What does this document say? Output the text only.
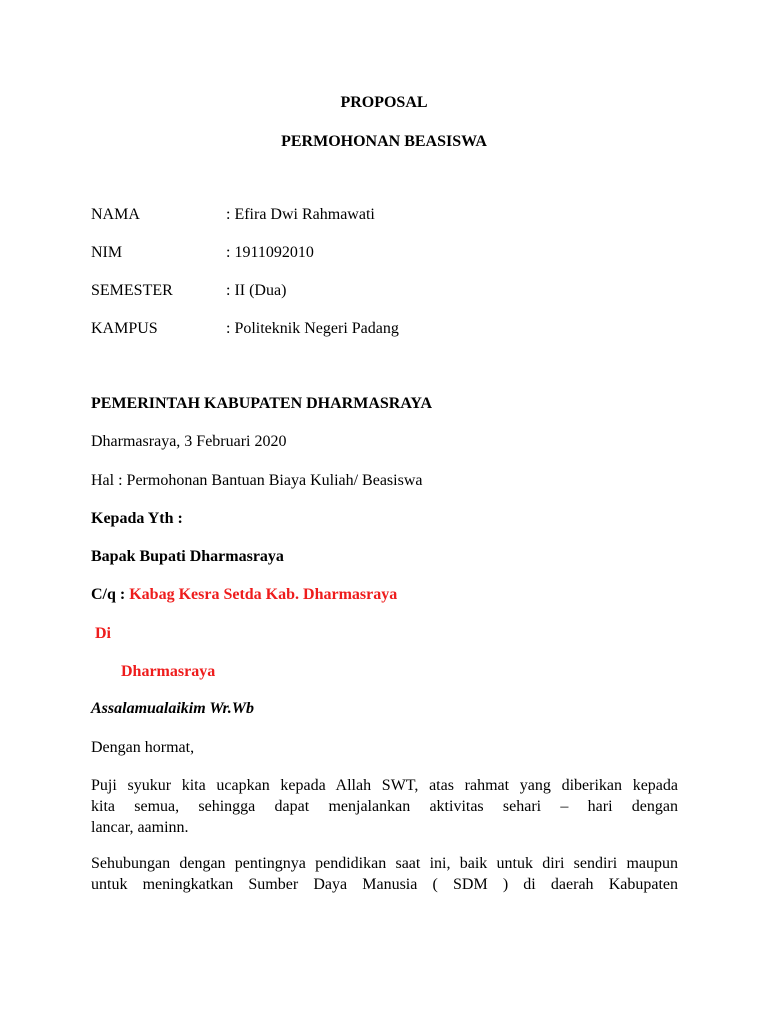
PROPOSAL
PERMOHONAN BEASISWA
NAMA	: Efira Dwi Rahmawati
NIM	: 1911092010
SEMESTER	: II (Dua)
KAMPUS	: Politeknik Negeri Padang
PEMERINTAH KABUPATEN DHARMASRAYA
Dharmasraya, 3 Februari 2020
Hal : Permohonan Bantuan Biaya Kuliah/ Beasiswa
Kepada Yth :
Bapak Bupati Dharmasraya
C/q : Kabag Kesra Setda Kab. Dharmasraya
Di
Dharmasraya
Assalamualaikim Wr.Wb
Dengan hormat,
Puji syukur kita ucapkan kepada Allah SWT, atas rahmat yang diberikan kepada
kita semua, sehingga dapat menjalankan aktivitas sehari – hari dengan
lancar, aaminn.
Sehubungan dengan pentingnya pendidikan saat ini, baik untuk diri sendiri maupun
untuk meningkatkan Sumber Daya Manusia ( SDM ) di daerah Kabupaten
